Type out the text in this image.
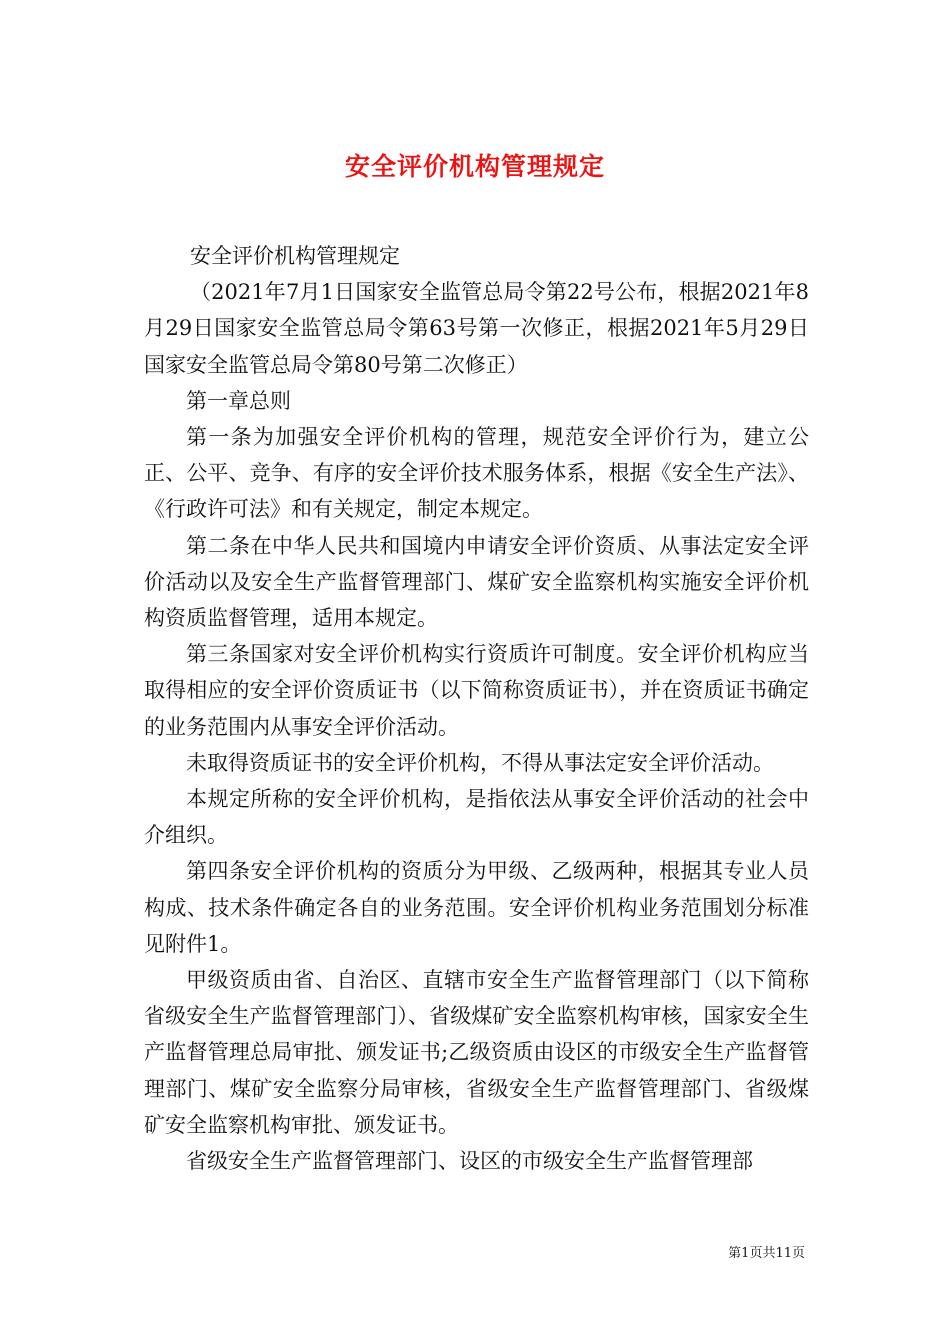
安全评价机构管理规定

安全评价机构管理规定

（2021年7月1日国家安全监管总局令第22号公布，根据2021年8月29日国家安全监管总局令第63号第一次修正，根据2021年5月29日国家安全监管总局令第80号第二次修正）

第一章总则

第一条为加强安全评价机构的管理，规范安全评价行为，建立公正、公平、竞争、有序的安全评价技术服务体系，根据《安全生产法》、《行政许可法》和有关规定，制定本规定。

第二条在中华人民共和国境内申请安全评价资质、从事法定安全评价活动以及安全生产监督管理部门、煤矿安全监察机构实施安全评价机构资质监督管理，适用本规定。

第三条国家对安全评价机构实行资质许可制度。安全评价机构应当取得相应的安全评价资质证书（以下简称资质证书），并在资质证书确定的业务范围内从事安全评价活动。

未取得资质证书的安全评价机构，不得从事法定安全评价活动。

本规定所称的安全评价机构，是指依法从事安全评价活动的社会中介组织。

第四条安全评价机构的资质分为甲级、乙级两种，根据其专业人员构成、技术条件确定各自的业务范围。安全评价机构业务范围划分标准见附件1。

甲级资质由省、自治区、直辖市安全生产监督管理部门（以下简称省级安全生产监督管理部门）、省级煤矿安全监察机构审核，国家安全生产监督管理总局审批、颁发证书;乙级资质由设区的市级安全生产监督管理部门、煤矿安全监察分局审核，省级安全生产监督管理部门、省级煤矿安全监察机构审批、颁发证书。

省级安全生产监督管理部门、设区的市级安全生产监督管理部

第1页共11页
